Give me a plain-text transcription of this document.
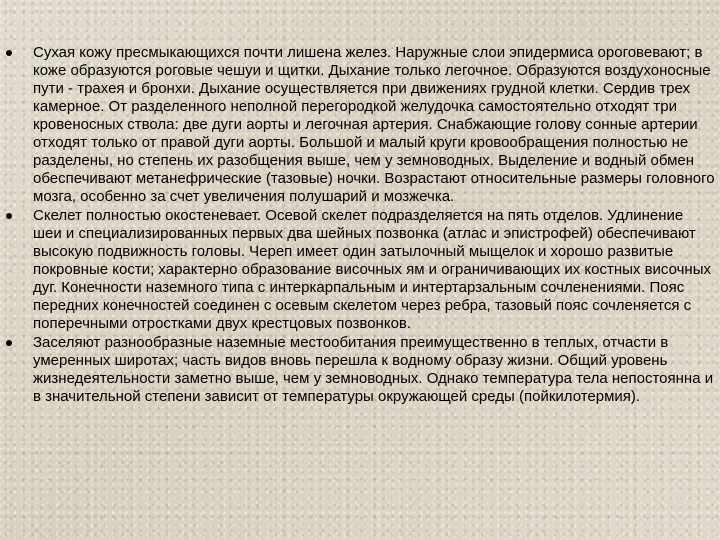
Сухая кожу пресмыкающихся почти лишена желез. Наружные слои эпидермиса ороговевают; в коже образуются роговые чешуи и щитки. Дыхание только легочное. Образуются воздухоносные пути - трахея и бронхи. Дыхание осуществляется при движениях грудной клетки. Сердив трех камерное. От разделенного неполной перегородкой желудочка самостоятельно отходят три кровеносных ствола: две дуги аорты и легочная артерия. Снабжающие голову сонные артерии отходят только от правой дуги аорты. Большой и малый круги кровообращения полностью не разделены, но степень их разобщения выше, чем у земноводных. Выделение и водный обмен обеспечивают метанефрические (тазовые) ночки. Возрастают относительные размеры головного мозга, особенно за счет увеличения полушарий и мозжечка.
Скелет полностью окостеневает. Осевой скелет подразделяется на пять отделов. Удлинение шеи и специализированных первых два шейных позвонка (атлас и эпистрофей) обеспечивают высокую подвижность головы. Череп имеет один затылочный мыщелок и хорошо развитые покровные кости; характерно образование височных ям и ограничивающих их костных височных дуг. Конечности наземного типа с интеркарпальным и интертарзальным сочленениями. Пояс передних конечностей соединен с осевым скелетом через ребра, тазовый пояс сочленяется с поперечными отростками двух крестцовых позвонков.
Заселяют разнообразные наземные местообитания преимущественно в теплых, отчасти в умеренных широтах; часть видов вновь перешла к водному образу жизни. Общий уровень жизнедеятельности заметно выше, чем у земноводных. Однако температура тела непостоянна и в значительной степени зависит от температуры окружающей среды (пойкилотермия).
